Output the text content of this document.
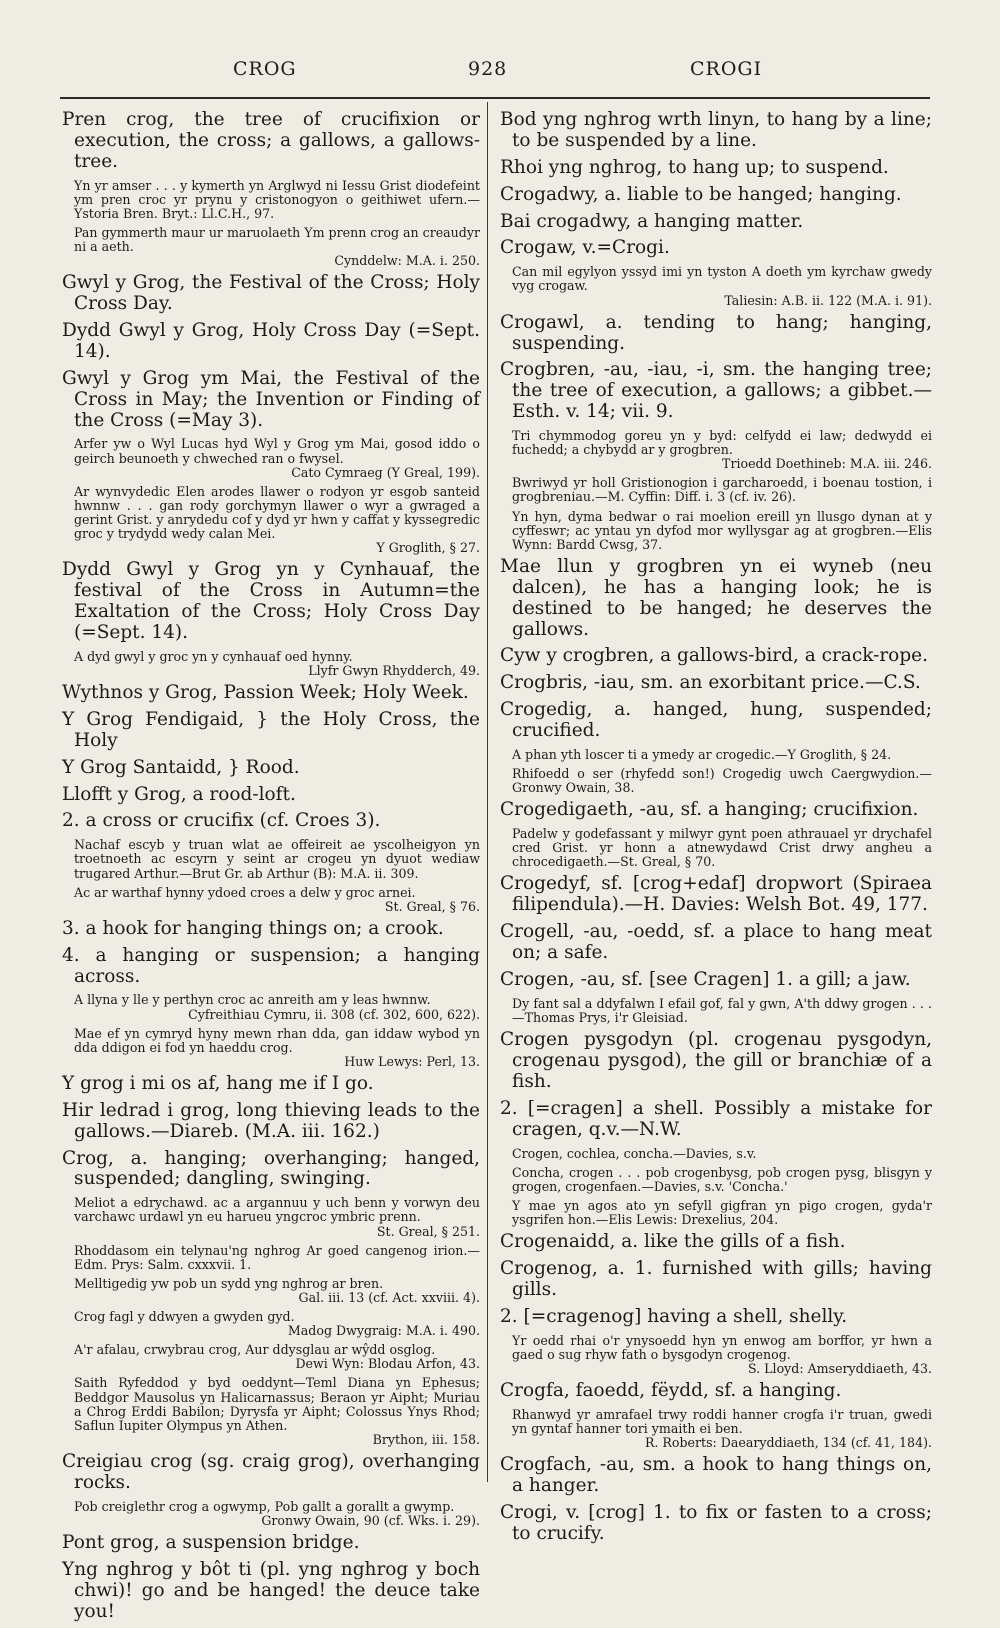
CROG	928	CROGI
Pren crog, the tree of crucifixion or execution, the cross; a gallows, a gallows-tree.
Yn yr amser . . . y kymerth yn Arglwyd ni Iessu Grist diodefeint ym pren croc yr prynu y cristonogyon o geithiwet ufern.—Ystoria Bren. Bryt.: Ll.C.H., 97.
Pan gymmerth maur ur maruolaeth Ym prenn crog an creaudyr ni a aeth.
Cynddelw: M.A. i. 250.
Gwyl y Grog, the Festival of the Cross; Holy Cross Day.
Dydd Gwyl y Grog, Holy Cross Day (=Sept. 14).
Gwyl y Grog ym Mai, the Festival of the Cross in May; the Invention or Finding of the Cross (=May 3).
Arfer yw o Wyl Lucas hyd Wyl y Grog ym Mai, gosod iddo o geirch beunoeth y chweched ran o fwysel.
Cato Cymraeg (Y Greal, 199).
Ar wynvydedic Elen arodes llawer o rodyon yr esgob santeid hwnnw . . . gan rody gorchymyn llawer o wyr a gwraged a gerint Grist. y anrydedu cof y dyd yr hwn y caffat y kyssegredic groc y trydydd wedy calan Mei.
Y Groglith, § 27.
Dydd Gwyl y Grog yn y Cynhauaf, the festival of the Cross in Autumn=the Exaltation of the Cross; Holy Cross Day (=Sept. 14).
A dyd gwyl y groc yn y cynhauaf oed hynny.
Llyfr Gwyn Rhydderch, 49.
Wythnos y Grog, Passion Week; Holy Week.
Y Grog Fendigaid, } the Holy Cross, the Holy
Y Grog Santaidd, } Rood.
Llofft y Grog, a rood-loft.
2. a cross or crucifix (cf. Croes 3).
Nachaf escyb y truan wlat ae offeireit ae yscolheigyon yn troetnoeth ac escyrn y seint ar crogeu yn dyuot wediaw trugared Arthur.—Brut Gr. ab Arthur (B): M.A. ii. 309.
Ac ar warthaf hynny ydoed croes a delw y groc arnei.
St. Greal, § 76.
3. a hook for hanging things on; a crook.
4. a hanging or suspension; a hanging across.
A llyna y lle y perthyn croc ac anreith am y leas hwnnw.
Cyfreithiau Cymru, ii. 308 (cf. 302, 600, 622).
Mae ef yn cymryd hyny mewn rhan dda, gan iddaw wybod yn dda ddigon ei fod yn haeddu crog.
Huw Lewys: Perl, 13.
Y grog i mi os af, hang me if I go.
Hir ledrad i grog, long thieving leads to the gallows.—Diareb. (M.A. iii. 162.)
Crog, a. hanging; overhanging; hanged, suspended; dangling, swinging.
Meliot a edrychawd. ac a argannuu y uch benn y vorwyn deu varchawc urdawl yn eu harueu yngcroc ymbric prenn.
St. Greal, § 251.
Rhoddasom ein telynau'ng nghrog Ar goed cangenog irion.—Edm. Prys: Salm. cxxxvii. 1.
Melltigedig yw pob un sydd yng nghrog ar bren.
Gal. iii. 13 (cf. Act. xxviii. 4).
Crog fagl y ddwyen a gwyden gyd.
Madog Dwygraig: M.A. i. 490.
A'r afalau, crwybrau crog, Aur ddysglau ar wŷdd osglog.
Dewi Wyn: Blodau Arfon, 43.
Saith Ryfeddod y byd oeddynt—Teml Diana yn Ephesus; Beddgor Mausolus yn Halicarnassus; Beraon yr Aipht; Muriau a Chrog Erddi Babilon; Dyrysfa yr Aipht; Colossus Ynys Rhod; Saflun Iupiter Olympus yn Athen.
Brython, iii. 158.
Creigiau crog (sg. craig grog), overhanging rocks.
Pob creiglethr crog a ogwymp, Pob gallt a gorallt a gwymp.
Gronwy Owain, 90 (cf. Wks. i. 29).
Pont grog, a suspension bridge.
Yng nghrog y bôt ti (pl. yng nghrog y boch chwi)! go and be hanged! the deuce take you!
Bod yng nghrog wrth linyn, to hang by a line; to be suspended by a line.
Rhoi yng nghrog, to hang up; to suspend.
Crogadwy, a. liable to be hanged; hanging.
Bai crogadwy, a hanging matter.
Crogaw, v.=Crogi.
Can mil egylyon yssyd imi yn tyston A doeth ym kyrchaw gwedy vyg crogaw.
Taliesin: A.B. ii. 122 (M.A. i. 91).
Crogawl, a. tending to hang; hanging, suspending.
Crogbren, -au, -iau, -i, sm. the hanging tree; the tree of execution, a gallows; a gibbet.—Esth. v. 14; vii. 9.
Tri chymmodog goreu yn y byd: celfydd ei law; dedwydd ei fuchedd; a chybydd ar y grogbren.
Trioedd Doethineb: M.A. iii. 246.
Bwriwyd yr holl Gristionogion i garcharoedd, i boenau tostion, i grogbreniau.—M. Cyffin: Diff. i. 3 (cf. iv. 26).
Yn hyn, dyma bedwar o rai moelion ereill yn llusgo dynan at y cyffeswr; ac yntau yn dyfod mor wyllysgar ag at grogbren.—Elis Wynn: Bardd Cwsg, 37.
Mae llun y grogbren yn ei wyneb (neu dalcen), he has a hanging look; he is destined to be hanged; he deserves the gallows.
Cyw y crogbren, a gallows-bird, a crack-rope.
Crogbris, -iau, sm. an exorbitant price.—C.S.
Crogedig, a. hanged, hung, suspended; crucified.
A phan yth loscer ti a ymedy ar crogedic.—Y Groglith, § 24.
Rhifoedd o ser (rhyfedd son!) Crogedig uwch Caergwydion.—Gronwy Owain, 38.
Crogedigaeth, -au, sf. a hanging; crucifixion.
Padelw y godefassant y milwyr gynt poen athrauael yr drychafel cred Grist. yr honn a atnewydawd Crist drwy angheu a chrocedigaeth.—St. Greal, § 70.
Crogedyf, sf. [crog+edaf] dropwort (Spiraea filipendula).—H. Davies: Welsh Bot. 49, 177.
Crogell, -au, -oedd, sf. a place to hang meat on; a safe.
Crogen, -au, sf. [see Cragen] 1. a gill; a jaw.
Dy fant sal a ddyfalwn I efail gof, fal y gwn, A'th ddwy grogen . . .—Thomas Prys, i'r Gleisiad.
Crogen pysgodyn (pl. crogenau pysgodyn, crogenau pysgod), the gill or branchiæ of a fish.
2. [=cragen] a shell. Possibly a mistake for cragen, q.v.—N.W.
Crogen, cochlea, concha.—Davies, s.v.
Concha, crogen . . . pob crogenbysg, pob crogen pysg, blisgyn y grogen, crogenfaen.—Davies, s.v. 'Concha.'
Y mae yn agos ato yn sefyll gigfran yn pigo crogen, gyda'r ysgrifen hon.—Elis Lewis: Drexelius, 204.
Crogenaidd, a. like the gills of a fish.
Crogenog, a. 1. furnished with gills; having gills.
2. [=cragenog] having a shell, shelly.
Yr oedd rhai o'r ynysoedd hyn yn enwog am borffor, yr hwn a gaed o sug rhyw fath o bysgodyn crogenog.
S. Lloyd: Amseryddiaeth, 43.
Crogfa, faoedd, fëydd, sf. a hanging.
Rhanwyd yr amrafael trwy roddi hanner crogfa i'r truan, gwedi yn gyntaf hanner tori ymaith ei ben.
R. Roberts: Daearyddiaeth, 134 (cf. 41, 184).
Crogfach, -au, sm. a hook to hang things on, a hanger.
Crogi, v. [crog] 1. to fix or fasten to a cross; to crucify.
